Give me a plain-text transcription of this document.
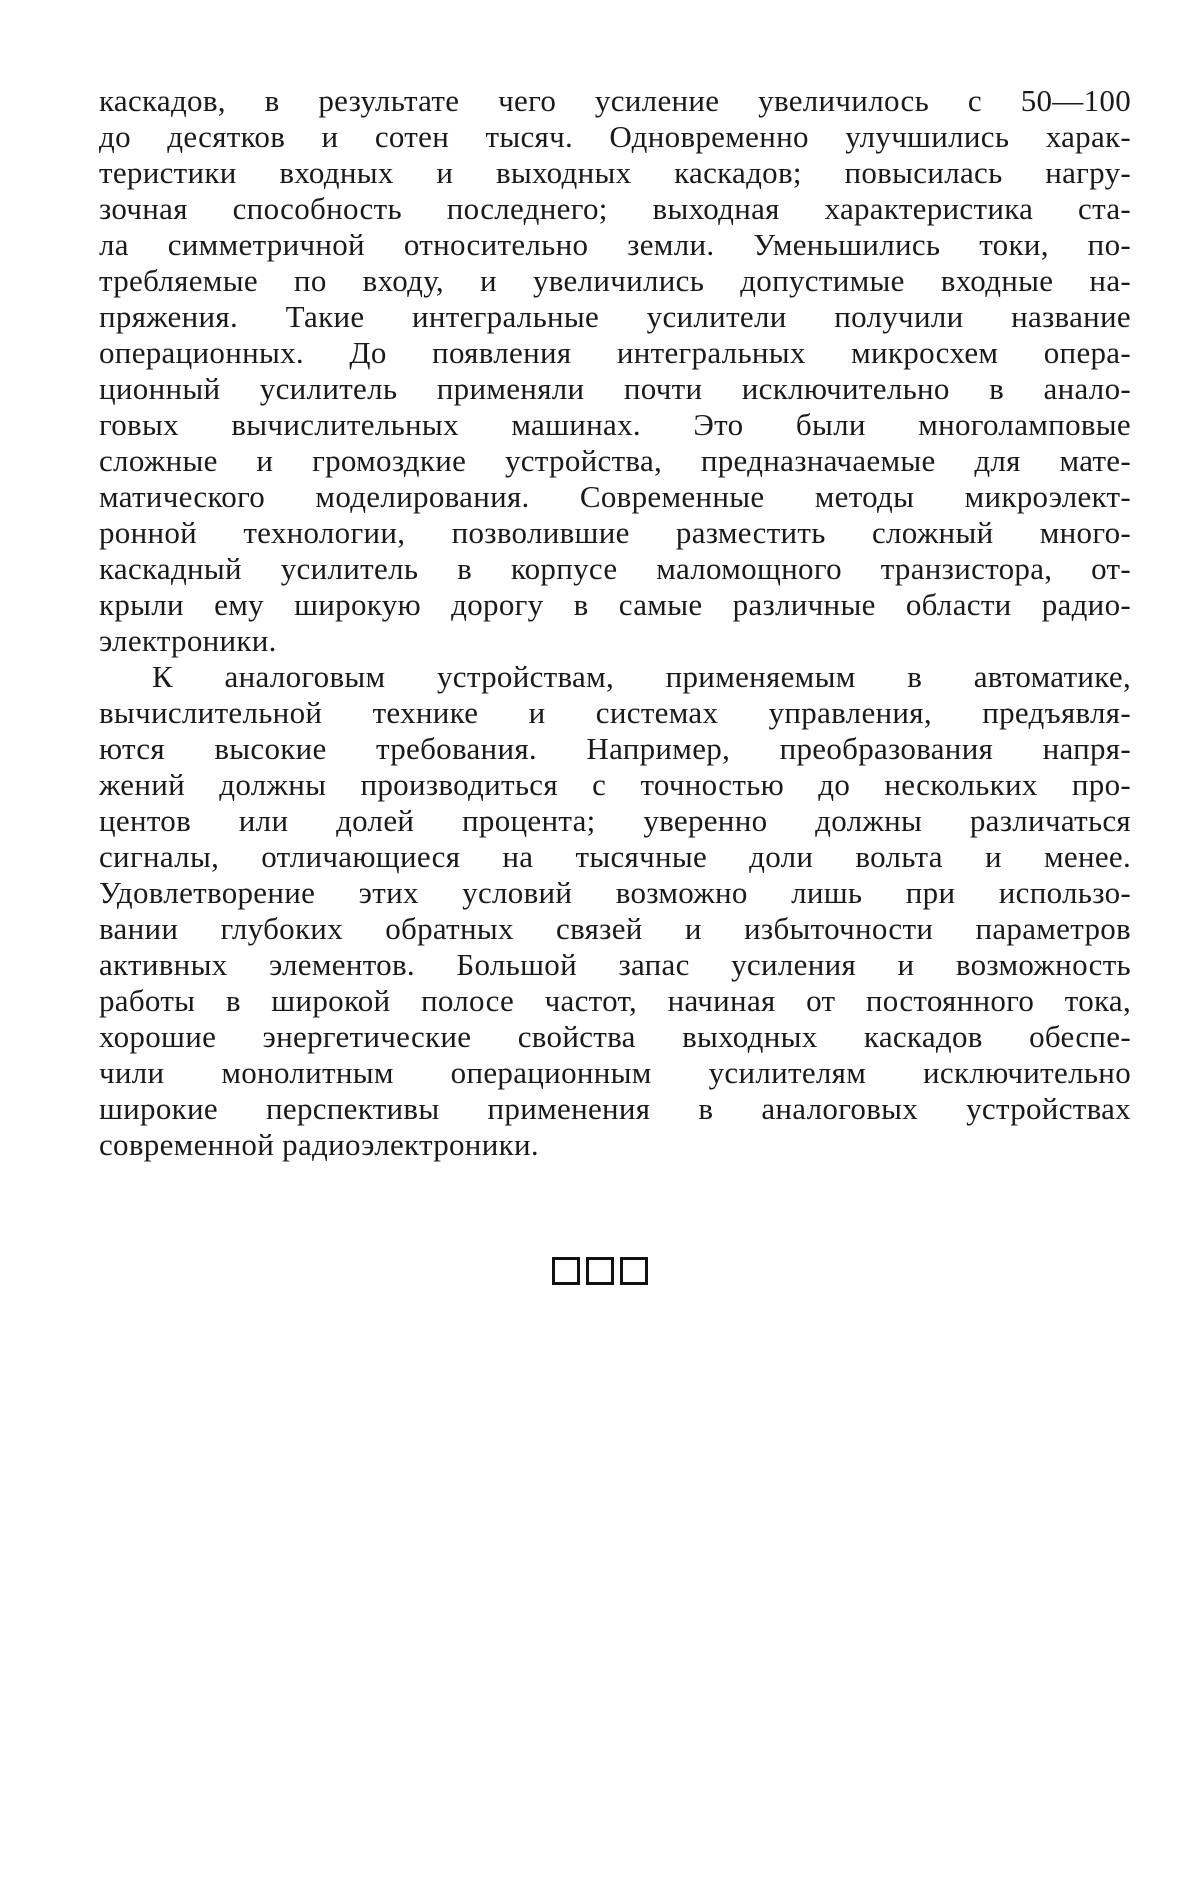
каскадов, в результате чего усиление увеличилось с 50—100
до десятков и сотен тысяч. Одновременно улучшились харак-
теристики входных и выходных каскадов; повысилась нагру-
зочная способность последнего; выходная характеристика ста-
ла симметричной относительно земли. Уменьшились токи, по-
требляемые по входу, и увеличились допустимые входные на-
пряжения. Такие интегральные усилители получили название
операционных. До появления интегральных микросхем опера-
ционный усилитель применяли почти исключительно в анало-
говых вычислительных машинах. Это были многоламповые
сложные и громоздкие устройства, предназначаемые для мате-
матического моделирования. Современные методы микроэлект-
ронной технологии, позволившие разместить сложный много-
каскадный усилитель в корпусе маломощного транзистора, от-
крыли ему широкую дорогу в самые различные области радио-
электроники.
К аналоговым устройствам, применяемым в автоматике,
вычислительной технике и системах управления, предъявля-
ются высокие требования. Например, преобразования напря-
жений должны производиться с точностью до нескольких про-
центов или долей процента; уверенно должны различаться
сигналы, отличающиеся на тысячные доли вольта и менее.
Удовлетворение этих условий возможно лишь при использо-
вании глубоких обратных связей и избыточности параметров
активных элементов. Большой запас усиления и возможность
работы в широкой полосе частот, начиная от постоянного тока,
хорошие энергетические свойства выходных каскадов обеспе-
чили монолитным операционным усилителям исключительно
широкие перспективы применения в аналоговых устройствах
современной радиоэлектроники.
